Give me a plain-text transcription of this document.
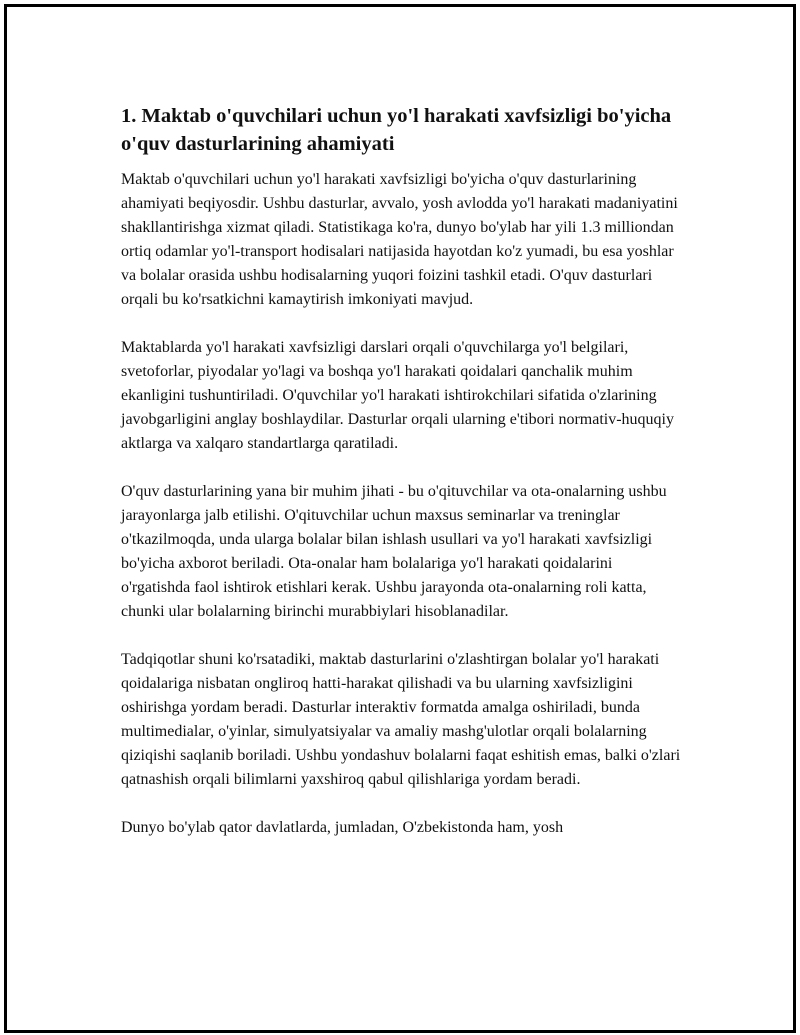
1. Maktab o'quvchilari uchun yo'l harakati xavfsizligi bo'yicha o'quv dasturlarining ahamiyati

Maktab o'quvchilari uchun yo'l harakati xavfsizligi bo'yicha o'quv dasturlarining ahamiyati beqiyosdir. Ushbu dasturlar, avvalo, yosh avlodda yo'l harakati madaniyatini shakllantirishga xizmat qiladi. Statistikaga ko'ra, dunyo bo'ylab har yili 1.3 milliondan ortiq odamlar yo'l-transport hodisalari natijasida hayotdan ko'z yumadi, bu esa yoshlar va bolalar orasida ushbu hodisalarning yuqori foizini tashkil etadi. O'quv dasturlari orqali bu ko'rsatkichni kamaytirish imkoniyati mavjud.

Maktablarda yo'l harakati xavfsizligi darslari orqali o'quvchilarga yo'l belgilari, svetoforlar, piyodalar yo'lagi va boshqa yo'l harakati qoidalari qanchalik muhim ekanligini tushuntiriladi. O'quvchilar yo'l harakati ishtirokchilari sifatida o'zlarining javobgarligini anglay boshlaydilar. Dasturlar orqali ularning e'tibori normativ-huquqiy aktlarga va xalqaro standartlarga qaratiladi.

O'quv dasturlarining yana bir muhim jihati - bu o'qituvchilar va ota-onalarning ushbu jarayonlarga jalb etilishi. O'qituvchilar uchun maxsus seminarlar va treninglar o'tkazilmoqda, unda ularga bolalar bilan ishlash usullari va yo'l harakati xavfsizligi bo'yicha axborot beriladi. Ota-onalar ham bolalariga yo'l harakati qoidalarini o'rgatishda faol ishtirok etishlari kerak. Ushbu jarayonda ota-onalarning roli katta, chunki ular bolalarning birinchi murabbiylari hisoblanadilar.

Tadqiqotlar shuni ko'rsatadiki, maktab dasturlarini o'zlashtirgan bolalar yo'l harakati qoidalariga nisbatan ongliroq hatti-harakat qilishadi va bu ularning xavfsizligini oshirishga yordam beradi. Dasturlar interaktiv formatda amalga oshiriladi, bunda multimedialar, o'yinlar, simulyatsiyalar va amaliy mashg'ulotlar orqali bolalarning qiziqishi saqlanib boriladi. Ushbu yondashuv bolalarni faqat eshitish emas, balki o'zlari qatnashish orqali bilimlarni yaxshiroq qabul qilishlariga yordam beradi.

Dunyo bo'ylab qator davlatlarda, jumladan, O'zbekistonda ham, yosh
